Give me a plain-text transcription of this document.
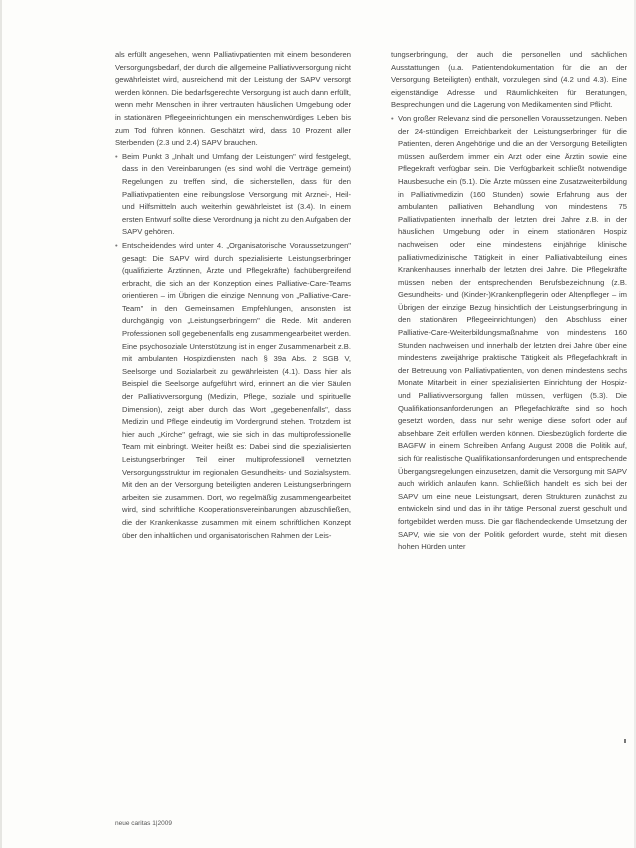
als erfüllt angesehen, wenn Palliativpatienten mit einem besonderen Versorgungsbedarf, der durch die allgemeine Palliativversorgung nicht gewährleistet wird, ausreichend mit der Leistung der SAPV versorgt werden können. Die bedarfsgerechte Versorgung ist auch dann erfüllt, wenn mehr Menschen in ihrer vertrauten häuslichen Umgebung oder in stationären Pflegeeinrichtungen ein menschenwürdiges Leben bis zum Tod führen können. Geschätzt wird, dass 10 Prozent aller Sterbenden (2.3 und 2.4) SAPV brauchen.

• Beim Punkt 3 „Inhalt und Umfang der Leistungen" wird festgelegt, dass in den Vereinbarungen (es sind wohl die Verträge gemeint) Regelungen zu treffen sind, die sicherstellen, dass für den Palliativpatienten eine reibungslose Versorgung mit Arznei-, Heil- und Hilfsmitteln auch weiterhin gewährleistet ist (3.4). In einem ersten Entwurf sollte diese Verordnung ja nicht zu den Aufgaben der SAPV gehören.
• Entscheidendes wird unter 4. „Organisatorische Voraussetzungen" gesagt: Die SAPV wird durch spezialisierte Leistungserbringer (qualifizierte Ärztinnen, Ärzte und Pflegekräfte) fachübergreifend erbracht, die sich an der Konzeption eines Palliative-Care-Teams orientieren – im Übrigen die einzige Nennung von „Palliative-Care-Team" in den Gemeinsamen Empfehlungen, ansonsten ist durchgängig von „Leistungserbringern" die Rede. Mit anderen Professionen soll gegebenenfalls eng zusammengearbeitet werden. Eine psychosoziale Unterstützung ist in enger Zusammenarbeit z.B. mit ambulanten Hospizdiensten nach § 39a Abs. 2 SGB V, Seelsorge und Sozialarbeit zu gewährleisten (4.1). Dass hier als Beispiel die Seelsorge aufgeführt wird, erinnert an die vier Säulen der Palliativversorgung (Medizin, Pflege, soziale und spirituelle Dimension), zeigt aber durch das Wort „gegebenenfalls", dass Medizin und Pflege eindeutig im Vordergrund stehen. Trotzdem ist hier auch „Kirche" gefragt, wie sie sich in das multiprofessionelle Team mit einbringt. Weiter heißt es: Dabei sind die spezialisierten Leistungserbringer Teil einer multiprofessionell vernetzten Versorgungsstruktur im regionalen Gesundheits- und Sozialsystem. Mit den an der Versorgung beteiligten anderen Leistungserbringern arbeiten sie zusammen. Dort, wo regelmäßig zusammengearbeitet wird, sind schriftliche Kooperationsvereinbarungen abzuschließen, die der Krankenkasse zusammen mit einem schriftlichen Konzept über den inhaltlichen und organisatorischen Rahmen der Leis-

tungserbringung, der auch die personellen und sächlichen Ausstattungen (u.a. Patientendokumentation für die an der Versorgung Beteiligten) enthält, vorzulegen sind (4.2 und 4.3). Eine eigenständige Adresse und Räumlichkeiten für Beratungen, Besprechungen und die Lagerung von Medikamenten sind Pflicht.

• Von großer Relevanz sind die personellen Voraussetzungen. Neben der 24-stündigen Erreichbarkeit der Leistungserbringer für die Patienten, deren Angehörige und die an der Versorgung Beteiligten müssen außerdem immer ein Arzt oder eine Ärztin sowie eine Pflegekraft verfügbar sein. Die Verfügbarkeit schließt notwendige Hausbesuche ein (5.1). Die Ärzte müssen eine Zusatzweiterbildung in Palliativmedizin (160 Stunden) sowie Erfahrung aus der ambulanten palliativen Behandlung von mindestens 75 Palliativpatienten innerhalb der letzten drei Jahre z.B. in der häuslichen Umgebung oder in einem stationären Hospiz nachweisen oder eine mindestens einjährige klinische palliativmedizinische Tätigkeit in einer Palliativabteilung eines Krankenhauses innerhalb der letzten drei Jahre. Die Pflegekräfte müssen neben der entsprechenden Berufsbezeichnung (z.B. Gesundheits- und (Kinder-)Krankenpflegerin oder Altenpfleger – im Übrigen der einzige Bezug hinsichtlich der Leistungserbringung in den stationären Pflegeeinrichtungen) den Abschluss einer Palliative-Care-Weiterbildungsmaßnahme von mindestens 160 Stunden nachweisen und innerhalb der letzten drei Jahre über eine mindestens zweijährige praktische Tätigkeit als Pflegefachkraft in der Betreuung von Palliativpatienten, von denen mindestens sechs Monate Mitarbeit in einer spezialisierten Einrichtung der Hospiz- und Palliativversorgung fallen müssen, verfügen (5.3). Die Qualifikationsanforderungen an Pflegefachkräfte sind so hoch gesetzt worden, dass nur sehr wenige diese sofort oder auf absehbare Zeit erfüllen werden können. Diesbezüglich forderte die BAGFW in einem Schreiben Anfang August 2008 die Politik auf, sich für realistische Qualifikationsanforderungen und entsprechende Übergangsregelungen einzusetzen, damit die Versorgung mit SAPV auch wirklich anlaufen kann. Schließlich handelt es sich bei der SAPV um eine neue Leistungsart, deren Strukturen zunächst zu entwickeln sind und das in ihr tätige Personal zuerst geschult und fortgebildet werden muss. Die gar flächendeckende Umsetzung der SAPV, wie sie von der Politik gefordert wurde, steht mit diesen hohen Hürden unter
neue caritas 1|2009
